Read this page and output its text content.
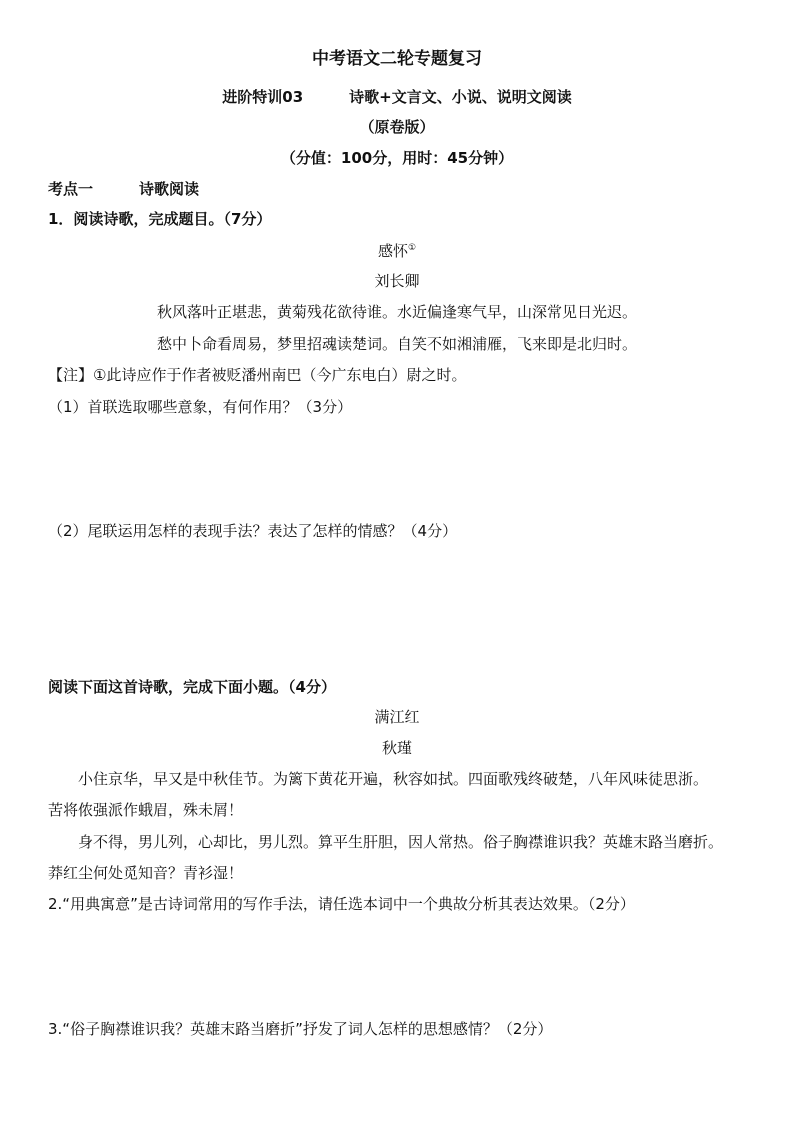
中考语文二轮专题复习
进阶特训03	诗歌+文言文、小说、说明文阅读
（原卷版）
（分值：100分，用时：45分钟）
考点一	诗歌阅读
1．阅读诗歌，完成题目。（7分）
感怀①
刘长卿
秋风落叶正堪悲，黄菊残花欲待谁。水近偏逢寒气早，山深常见日光迟。
愁中卜命看周易，梦里招魂读楚词。自笑不如湘浦雁，飞来即是北归时。
【注】①此诗应作于作者被贬潘州南巴（今广东电白）尉之时。
（1）首联选取哪些意象，有何作用？（3分）
（2）尾联运用怎样的表现手法？表达了怎样的情感？（4分）
阅读下面这首诗歌，完成下面小题。（4分）
满江红
秋瑾
小住京华，早又是中秋佳节。为篱下黄花开遍，秋容如拭。四面歌残终破楚，八年风味徒思浙。
苦将侬强派作蛾眉，殊未屑！
身不得，男儿列，心却比，男儿烈。算平生肝胆，因人常热。俗子胸襟谁识我？英雄末路当磨折。
莽红尘何处觅知音？青衫湿！
2.“用典寓意”是古诗词常用的写作手法，请任选本词中一个典故分析其表达效果。（2分）
3.“俗子胸襟谁识我？英雄末路当磨折”抒发了词人怎样的思想感情？（2分）
